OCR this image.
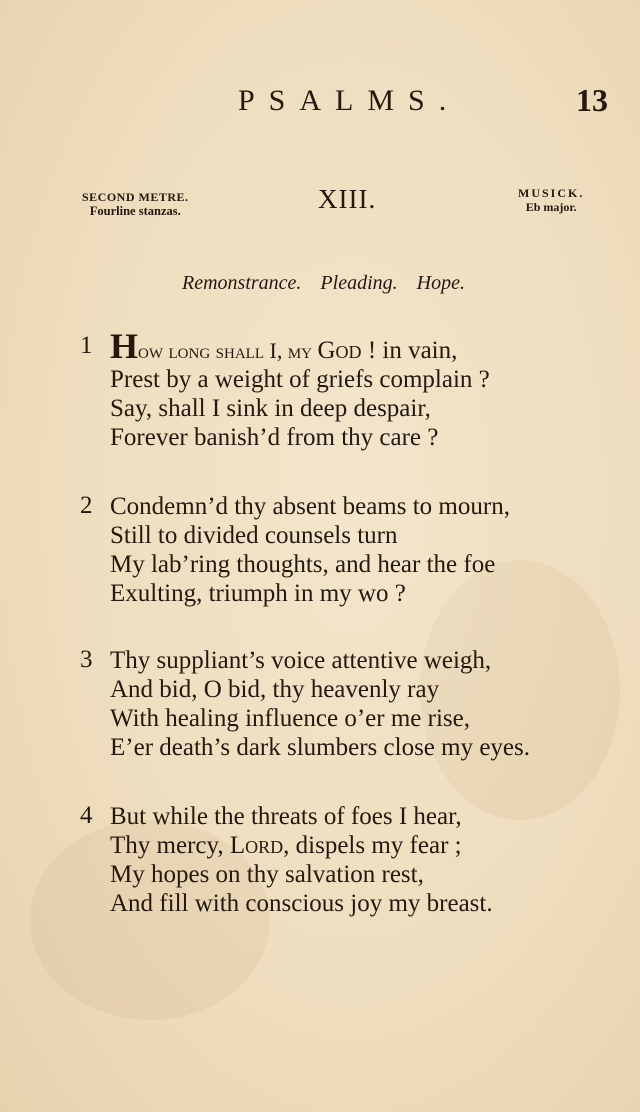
PSALMS.	13
SECOND METRE.
Fourline stanzas.	XIII.	MUSICK.
Eb major.
Remonstrance. Pleading. Hope.
1 How long shall I, my God ! in vain,
Prest by a weight of griefs complain ?
Say, shall I sink in deep despair,
Forever banish’d from thy care ?
2 Condemn’d thy absent beams to mourn,
Still to divided counsels turn
My lab’ring thoughts, and hear the foe
Exulting, triumph in my wo ?
3 Thy suppliant’s voice attentive weigh,
And bid, O bid, thy heavenly ray
With healing influence o’er me rise,
E’er death’s dark slumbers close my eyes.
4 But while the threats of foes I hear,
Thy mercy, Lord, dispels my fear ;
My hopes on thy salvation rest,
And fill with conscious joy my breast.
